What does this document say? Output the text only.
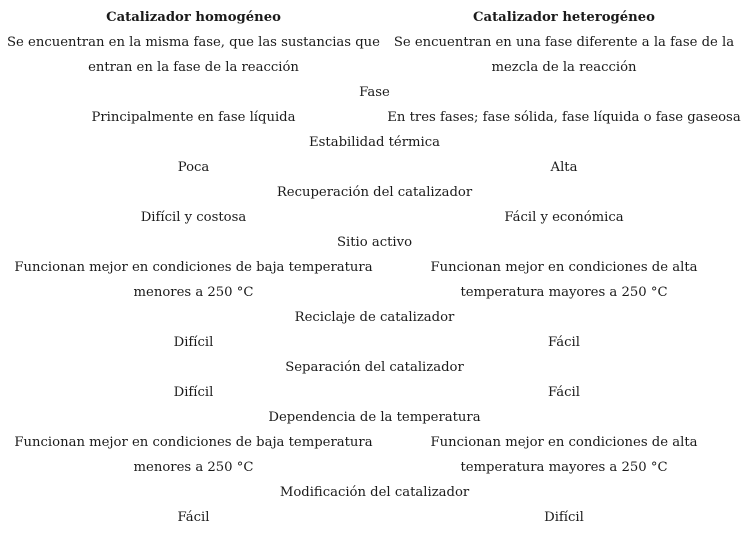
Catalizador homogéneo	Catalizador heterogéneo
Se encuentran en la misma fase, que las sustancias que	Se encuentran en una fase diferente a la fase de la
entran en la fase de la reacción	mezcla de la reacción
Fase
Principalmente en fase líquida	En tres fases; fase sólida, fase líquida o fase gaseosa
Estabilidad térmica
Poca	Alta
Recuperación del catalizador
Difícil y costosa	Fácil y económica
Sitio activo
Funcionan mejor en condiciones de baja temperatura	Funcionan mejor en condiciones de alta
menores a 250 °C	temperatura mayores a 250 °C
Reciclaje de catalizador
Difícil	Fácil
Separación del catalizador
Difícil	Fácil
Dependencia de la temperatura
Funcionan mejor en condiciones de baja temperatura	Funcionan mejor en condiciones de alta
menores a 250 °C	temperatura mayores a 250 °C
Modificación del catalizador
Fácil	Difícil
